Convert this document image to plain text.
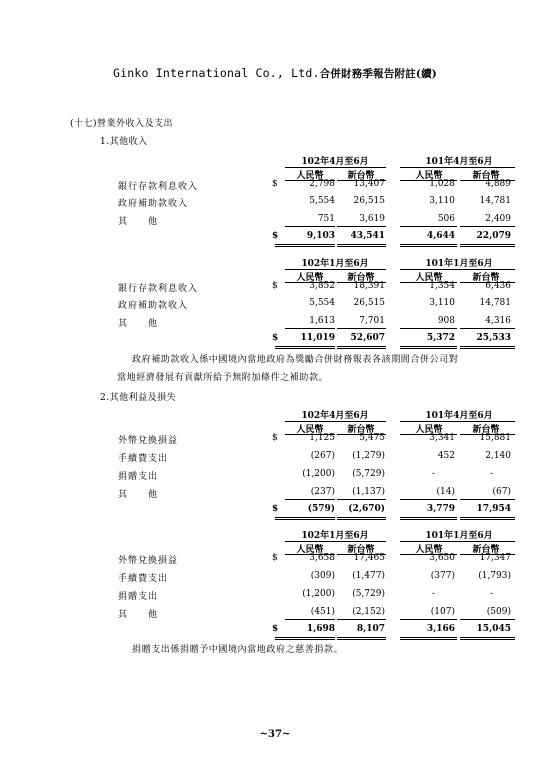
Ginko International Co., Ltd.合併財務季報告附註(續)
(十七)營業外收入及支出
1.其他收入
102年4月至6月	101年4月至6月
人民幣	新台幣	人民幣	新台幣
銀行存款利息收入	$	2,798 13,407	1,028	4,889
政府補助款收入	5,554 26,515	3,110	14,781
其　　他	751	3,619	506	2,409
$	9,103 43,541	4,644 22,079
102年1月至6月	101年1月至6月
人民幣	新台幣	人民幣	新台幣
銀行存款利息收入	$	3,852 18,391	1,354	6,436
政府補助款收入	5,554 26,515	3,110	14,781
其　　他	1,613	7,701	908	4,316
$ 11,019 52,607	5,372 25,533
政府補助款收入係中國境內當地政府為獎勵合併財務報表各該期間合併公司對
當地經濟發展有貢獻所給予無附加條件之補助款。
2.其他利益及損失
102年4月至6月	101年4月至6月
人民幣	新台幣	人民幣	新台幣
外幣兌換損益	$	1,125	5,475	3,341	15,881
手續費支出	(267) (1,279)	452	2,140
捐贈支出	(1,200) (5,729)	-	-
其　　他	(237) (1,137)	(14)	(67)
$	(579) (2,670)	3,779 17,954
102年1月至6月	101年1月至6月
人民幣	新台幣	人民幣	新台幣
外幣兌換損益	$	3,658 17,465	3,650	17,347
手續費支出	(309) (1,477)	(377)	(1,793)
捐贈支出	(1,200) (5,729)	-	-
其　　他	(451) (2,152)	(107)	(509)
$	1,698 8,107	3,166 15,045
捐贈支出係捐贈予中國境內當地政府之慈善捐款。
~37~
